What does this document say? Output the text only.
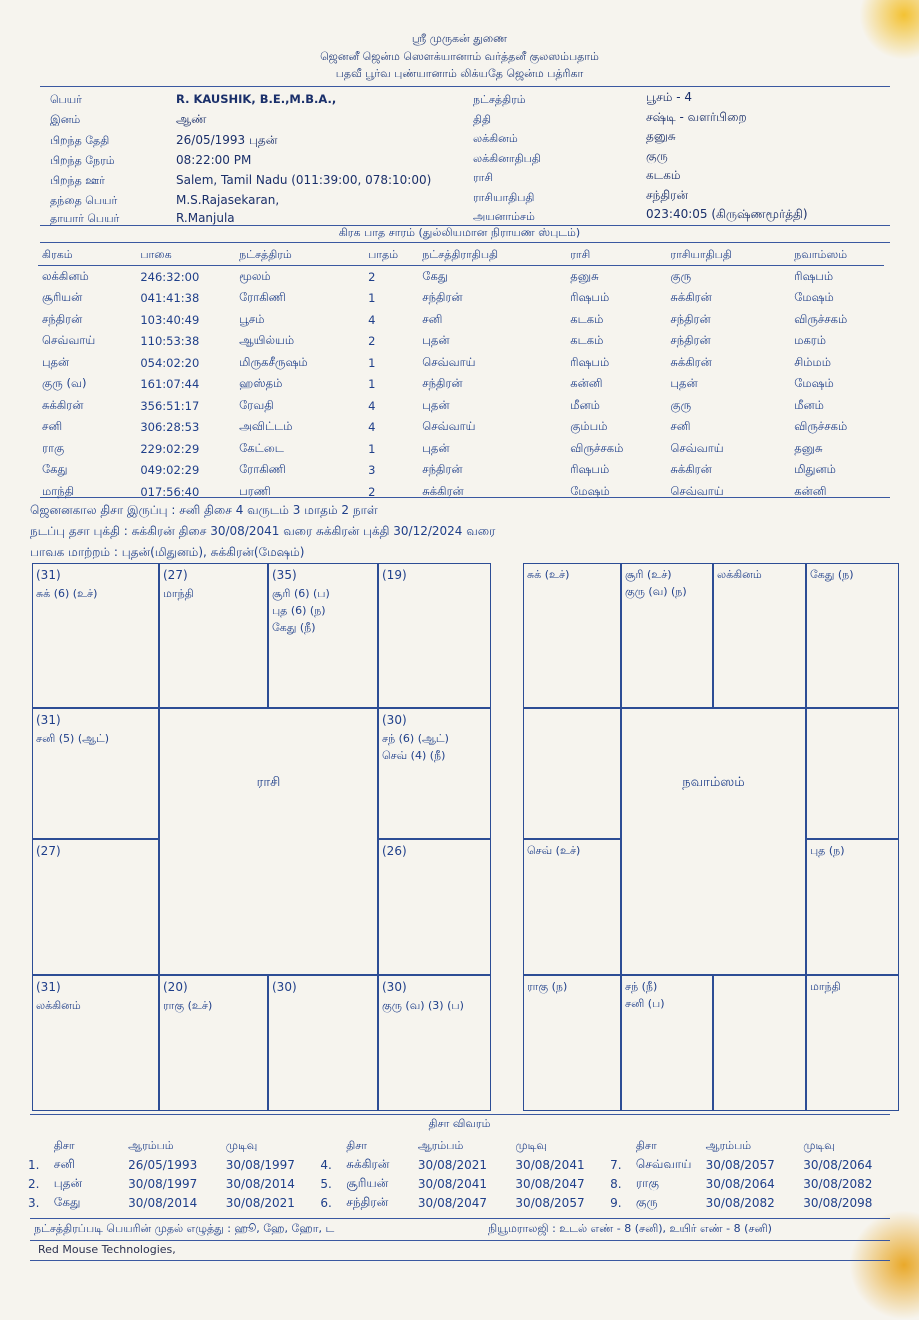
ஸ்ரீ முருகன் துணை
ஜெனனீ ஜென்ம ஸௌக்யானாம் வர்த்தனீ குலஸம்பதாம்
பதவீ பூர்வ புண்யானாம் லிக்யதே ஜென்ம பத்ரிகா
பெயர்	R. KAUSHIK, B.E.,M.B.A.,
இனம்	ஆண்
பிறந்த தேதி	26/05/1993 புதன்
பிறந்த நேரம்	08:22:00 PM
பிறந்த ஊர்	Salem, Tamil Nadu (011:39:00, 078:10:00)
தந்தை பெயர்	M.S.Rajasekaran,
தாயார் பெயர்	R.Manjula
நட்சத்திரம்	பூசம் - 4
திதி	சஷ்டி - வளர்பிறை
லக்கினம்	தனுசு
லக்கினாதிபதி	குரு
ராசி	கடகம்
ராசியாதிபதி	சந்திரன்
அயனாம்சம்	023:40:05 (கிருஷ்ணமூர்த்தி)
கிரக பாத சாரம் (துல்லியமான நிராயண ஸ்புடம்)
கிரகம்	பாகை	நட்சத்திரம்	பாதம்	நட்சத்திராதிபதி	ராசி	ராசியாதிபதி	நவாம்ஸம்
லக்கினம்	246:32:00	மூலம்	2	கேது	தனுசு	குரு	ரிஷபம்
சூரியன்	041:41:38	ரோகிணி	1	சந்திரன்	ரிஷபம்	சுக்கிரன்	மேஷம்
சந்திரன்	103:40:49	பூசம்	4	சனி	கடகம்	சந்திரன்	விருச்சகம்
செவ்வாய்	110:53:38	ஆயில்யம்	2	புதன்	கடகம்	சந்திரன்	மகரம்
புதன்	054:02:20	மிருகசீருஷம்	1	செவ்வாய்	ரிஷபம்	சுக்கிரன்	சிம்மம்
குரு (வ)	161:07:44	ஹஸ்தம்	1	சந்திரன்	கன்னி	புதன்	மேஷம்
சுக்கிரன்	356:51:17	ரேவதி	4	புதன்	மீனம்	குரு	மீனம்
சனி	306:28:53	அவிட்டம்	4	செவ்வாய்	கும்பம்	சனி	விருச்சகம்
ராகு	229:02:29	கேட்டை	1	புதன்	விருச்சகம்	செவ்வாய்	தனுசு
கேது	049:02:29	ரோகிணி	3	சந்திரன்	ரிஷபம்	சுக்கிரன்	மிதுனம்
மாந்தி	017:56:40	பரணி	2	சுக்கிரன்	மேஷம்	செவ்வாய்	கன்னி
ஜெனனகால திசா இருப்பு : சனி திசை 4 வருடம் 3 மாதம் 2 நாள்
நடப்பு தசா புக்தி : சுக்கிரன் திசை 30/08/2041 வரை சுக்கிரன் புக்தி 30/12/2024 வரை
பாவக மாற்றம் : புதன்(மிதுனம்), சுக்கிரன்(மேஷம்)
(31)
சுக் (6) (உச்)
(27)
மாந்தி
(35)
சூரி (6) (ப)
புத (6) (ந)
கேது (நீ)
(19)
(31)
சனி (5) (ஆட்)
(30)
சந் (6) (ஆட்)
செவ் (4) (நீ)
(27)	(26)
(31)
லக்கினம்
(20)
ராகு (உச்)
(30)	(30)
குரு (வ) (3) (ப)
ராசி
சுக் (உச்)	சூரி (உச்)
குரு (வ) (ந)
லக்கினம்	கேது (ந)
செவ் (உச்)	புத (ந)
ராகு (ந)	சந் (நீ)
சனி (ப)
மாந்தி
நவாம்ஸம்
திசா விவரம்
	திசா	ஆரம்பம்	முடிவு		திசா	ஆரம்பம்	முடிவு		திசா	ஆரம்பம்	முடிவு
1.	சனி	26/05/1993	30/08/1997	4.	சுக்கிரன்	30/08/2021	30/08/2041	7.	செவ்வாய்	30/08/2057	30/08/2064
2.	புதன்	30/08/1997	30/08/2014	5.	சூரியன்	30/08/2041	30/08/2047	8.	ராகு	30/08/2064	30/08/2082
3.	கேது	30/08/2014	30/08/2021	6.	சந்திரன்	30/08/2047	30/08/2057	9.	குரு	30/08/2082	30/08/2098
நட்சத்திரப்படி பெயரின் முதல் எழுத்து : ஹூ, ஹே, ஹோ, ட	நியூமராலஜி : உடல் எண் - 8 (சனி), உயிர் எண் - 8 (சனி)
Red Mouse Technologies,
